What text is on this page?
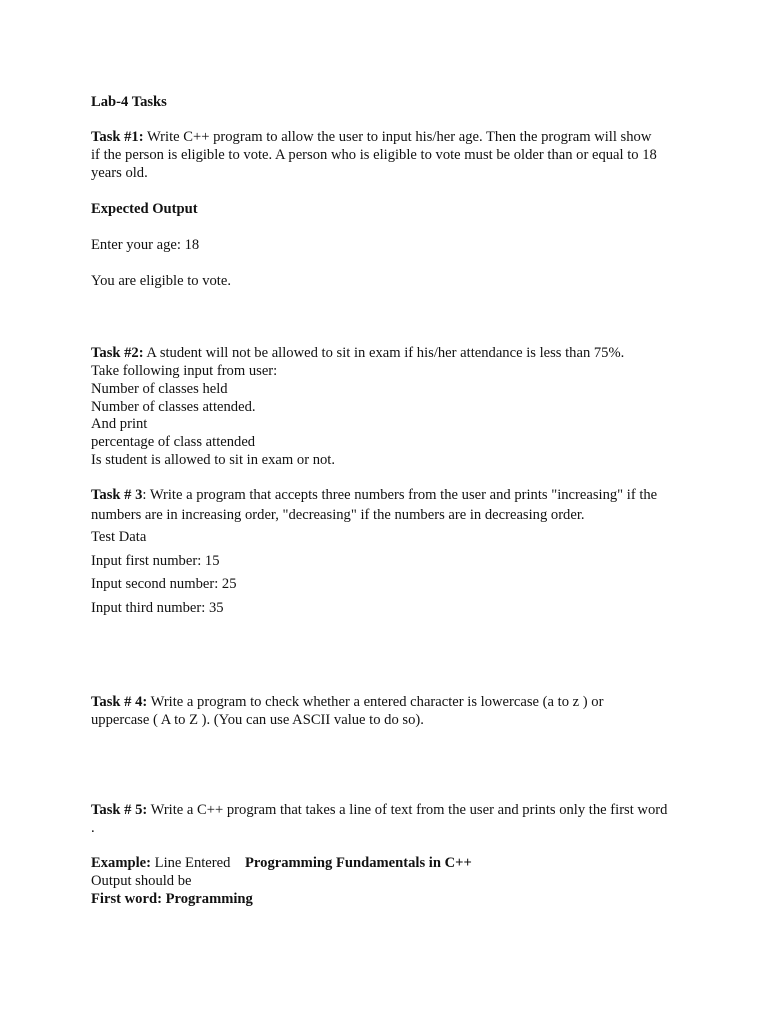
Lab-4 Tasks
Task #1: Write C++ program to allow the user to input his/her age. Then the program will show
if the person is eligible to vote. A person who is eligible to vote must be older than or equal to 18
years old.
Expected Output
Enter your age: 18
You are eligible to vote.
Task #2: A student will not be allowed to sit in exam if his/her attendance is less than 75%.
Take following input from user:
Number of classes held
Number of classes attended.
And print
percentage of class attended
Is student is allowed to sit in exam or not.
Task # 3: Write a program that accepts three numbers from the user and prints "increasing" if the
numbers are in increasing order, "decreasing" if the numbers are in decreasing order.
Test Data
Input first number: 15
Input second number: 25
Input third number: 35
Task # 4: Write a program to check whether a entered character is lowercase (a to z ) or
uppercase ( A to Z ). (You can use ASCII value to do so).
Task # 5: Write a C++ program that takes a line of text from the user and prints only the first word
.
Example: Line Entered    Programming Fundamentals in C++
Output should be
First word: Programming
